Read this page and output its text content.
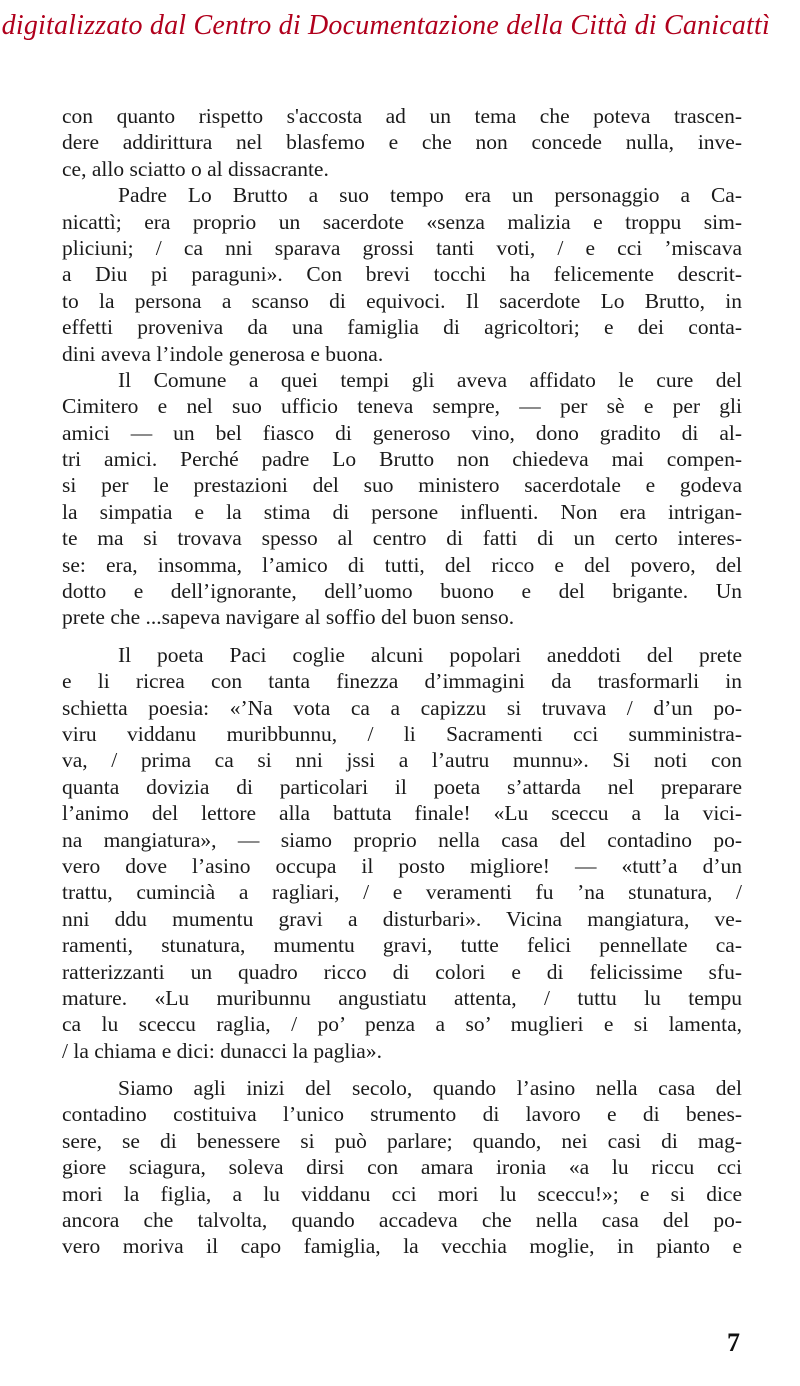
digitalizzato dal Centro di Documentazione della Città di Canicattì
con quanto rispetto s'accosta ad un tema che poteva trascen-
dere addirittura nel blasfemo e che non concede nulla, inve-
ce, allo sciatto o al dissacrante.
Padre Lo Brutto a suo tempo era un personaggio a Ca-
nicattì; era proprio un sacerdote «senza malizia e troppu sim-
pliciuni; / ca nni sparava grossi tanti voti, / e cci ’miscava
a Diu pi paraguni». Con brevi tocchi ha felicemente descrit-
to la persona a scanso di equivoci. Il sacerdote Lo Brutto, in
effetti proveniva da una famiglia di agricoltori; e dei conta-
dini aveva l’indole generosa e buona.
Il Comune a quei tempi gli aveva affidato le cure del
Cimitero e nel suo ufficio teneva sempre, — per sè e per gli
amici — un bel fiasco di generoso vino, dono gradito di al-
tri amici. Perché padre Lo Brutto non chiedeva mai compen-
si per le prestazioni del suo ministero sacerdotale e godeva
la simpatia e la stima di persone influenti. Non era intrigan-
te ma si trovava spesso al centro di fatti di un certo interes-
se: era, insomma, l’amico di tutti, del ricco e del povero, del
dotto e dell’ignorante, dell’uomo buono e del brigante. Un
prete che ...sapeva navigare al soffio del buon senso.
Il poeta Paci coglie alcuni popolari aneddoti del prete
e li ricrea con tanta finezza d’immagini da trasformarli in
schietta poesia: «’Na vota ca a capizzu si truvava / d’un po-
viru viddanu muribbunnu, / li Sacramenti cci sumministra-
va, / prima ca si nni jssi a l’autru munnu». Si noti con
quanta dovizia di particolari il poeta s’attarda nel preparare
l’animo del lettore alla battuta finale! «Lu sceccu a la vici-
na mangiatura», — siamo proprio nella casa del contadino po-
vero dove l’asino occupa il posto migliore! — «tutt’a d’un
trattu, cumincià a ragliari, / e veramenti fu ’na stunatura, /
nni ddu mumentu gravi a disturbari». Vicina mangiatura, ve-
ramenti, stunatura, mumentu gravi, tutte felici pennellate ca-
ratterizzanti un quadro ricco di colori e di felicissime sfu-
mature. «Lu muribunnu angustiatu attenta, / tuttu lu tempu
ca lu sceccu raglia, / po’ penza a so’ muglieri e si lamenta,
/ la chiama e dici: dunacci la paglia».
Siamo agli inizi del secolo, quando l’asino nella casa del
contadino costituiva l’unico strumento di lavoro e di benes-
sere, se di benessere si può parlare; quando, nei casi di mag-
giore sciagura, soleva dirsi con amara ironia «a lu riccu cci
mori la figlia, a lu viddanu cci mori lu sceccu!»; e si dice
ancora che talvolta, quando accadeva che nella casa del po-
vero moriva il capo famiglia, la vecchia moglie, in pianto e
7
